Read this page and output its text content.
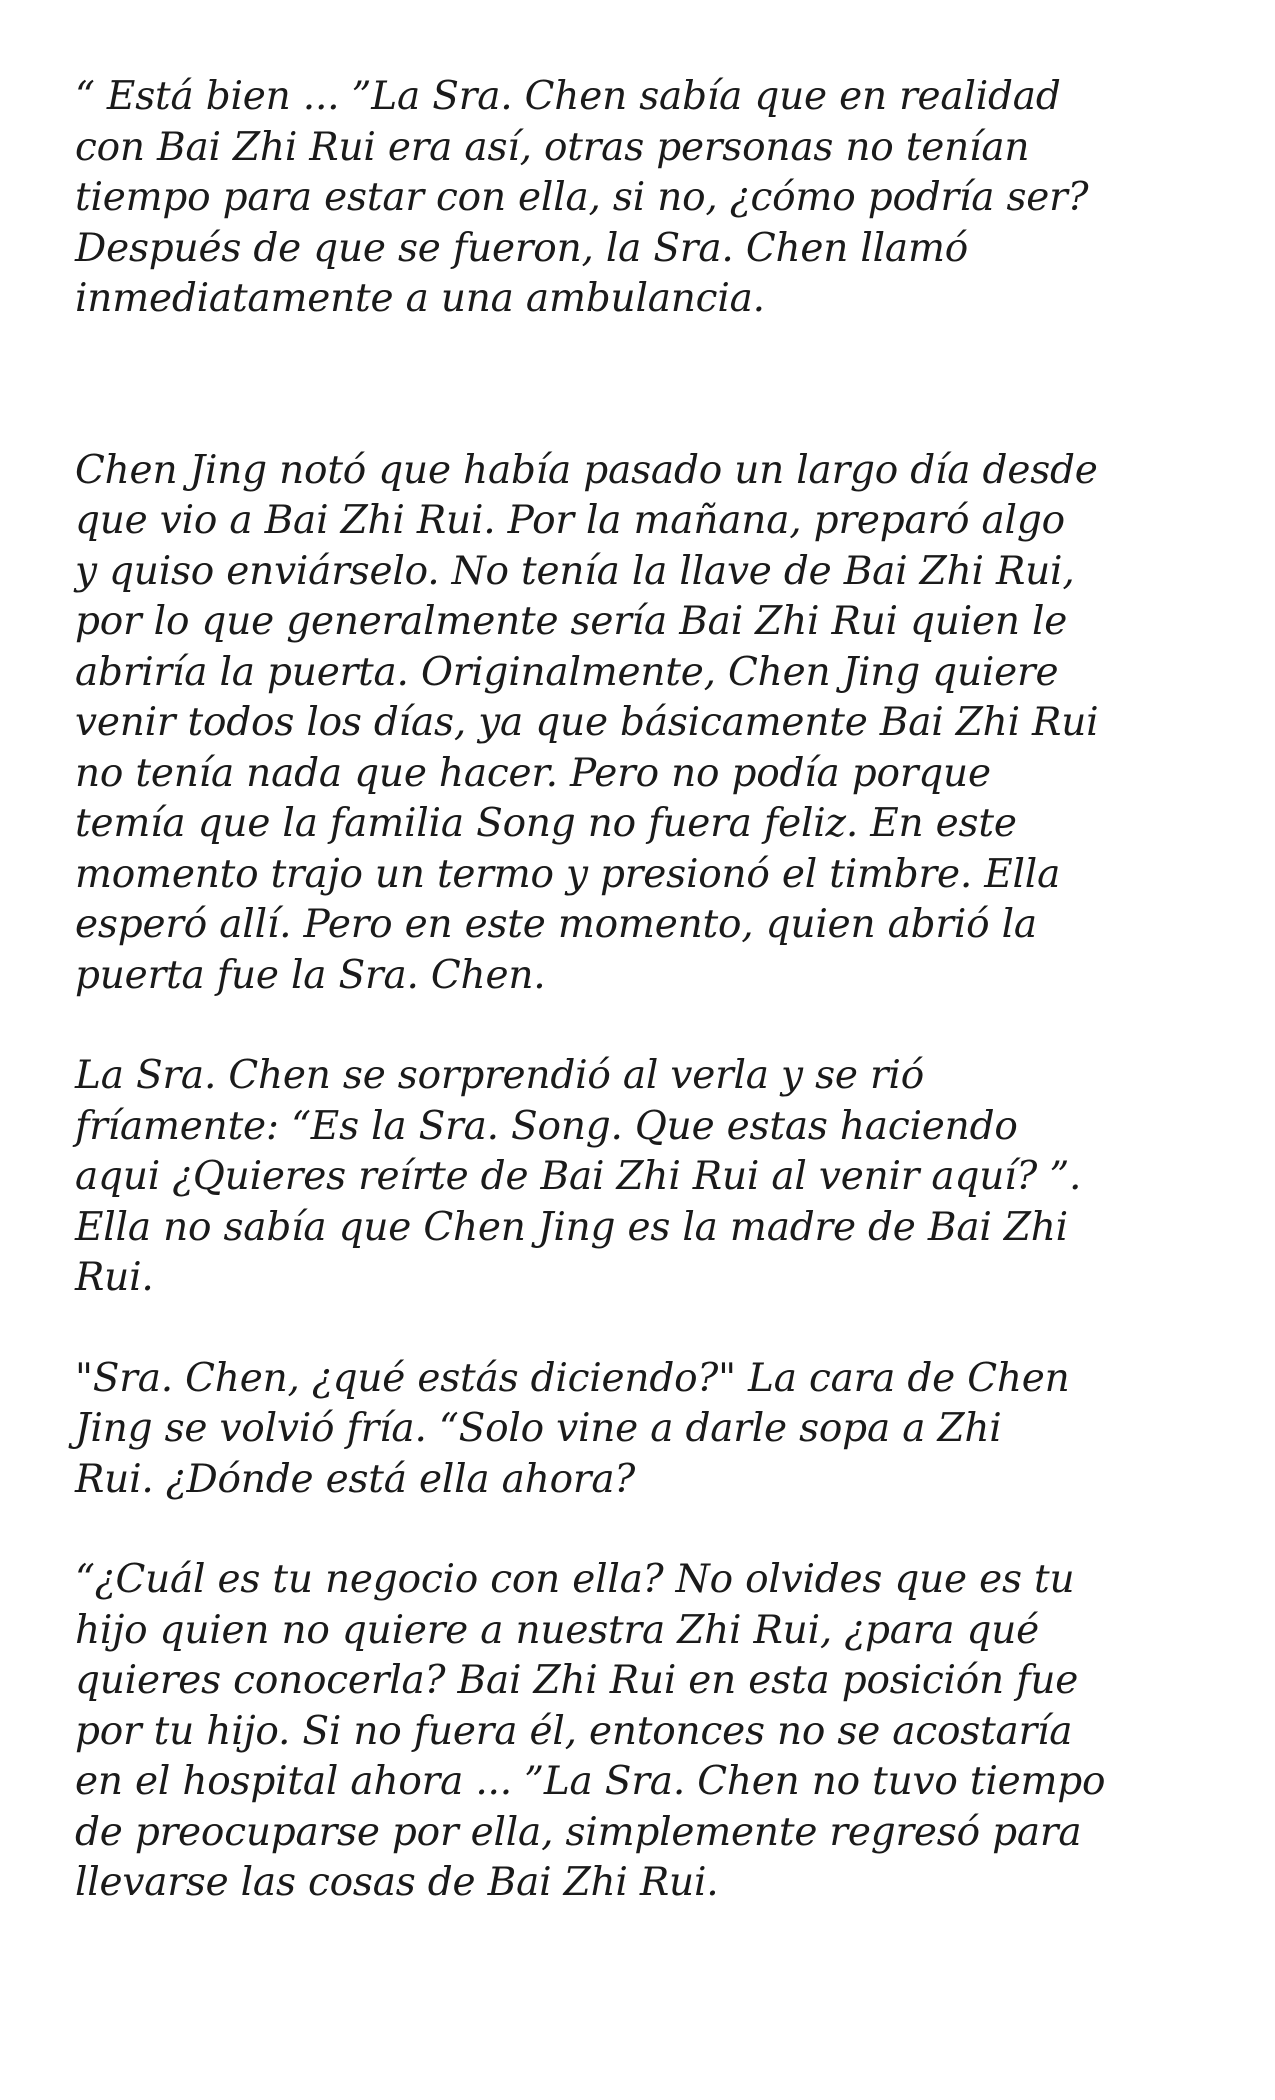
“ Está bien ... ”La Sra. Chen sabía que en realidad
con Bai Zhi Rui era así, otras personas no tenían
tiempo para estar con ella, si no, ¿cómo podría ser?
Después de que se fueron, la Sra. Chen llamó
inmediatamente a una ambulancia.

Chen Jing notó que había pasado un largo día desde
que vio a Bai Zhi Rui. Por la mañana, preparó algo
y quiso enviárselo. No tenía la llave de Bai Zhi Rui,
por lo que generalmente sería Bai Zhi Rui quien le
abriría la puerta. Originalmente, Chen Jing quiere
venir todos los días, ya que básicamente Bai Zhi Rui
no tenía nada que hacer. Pero no podía porque
temía que la familia Song no fuera feliz. En este
momento trajo un termo y presionó el timbre. Ella
esperó allí. Pero en este momento, quien abrió la
puerta fue la Sra. Chen.

La Sra. Chen se sorprendió al verla y se rió
fríamente: “Es la Sra. Song. Que estas haciendo
aqui ¿Quieres reírte de Bai Zhi Rui al venir aquí? ”.
Ella no sabía que Chen Jing es la madre de Bai Zhi
Rui.

"Sra. Chen, ¿qué estás diciendo?" La cara de Chen
Jing se volvió fría. “Solo vine a darle sopa a Zhi
Rui. ¿Dónde está ella ahora?

“¿Cuál es tu negocio con ella? No olvides que es tu
hijo quien no quiere a nuestra Zhi Rui, ¿para qué
quieres conocerla? Bai Zhi Rui en esta posición fue
por tu hijo. Si no fuera él, entonces no se acostaría
en el hospital ahora ... ”La Sra. Chen no tuvo tiempo
de preocuparse por ella, simplemente regresó para
llevarse las cosas de Bai Zhi Rui.
